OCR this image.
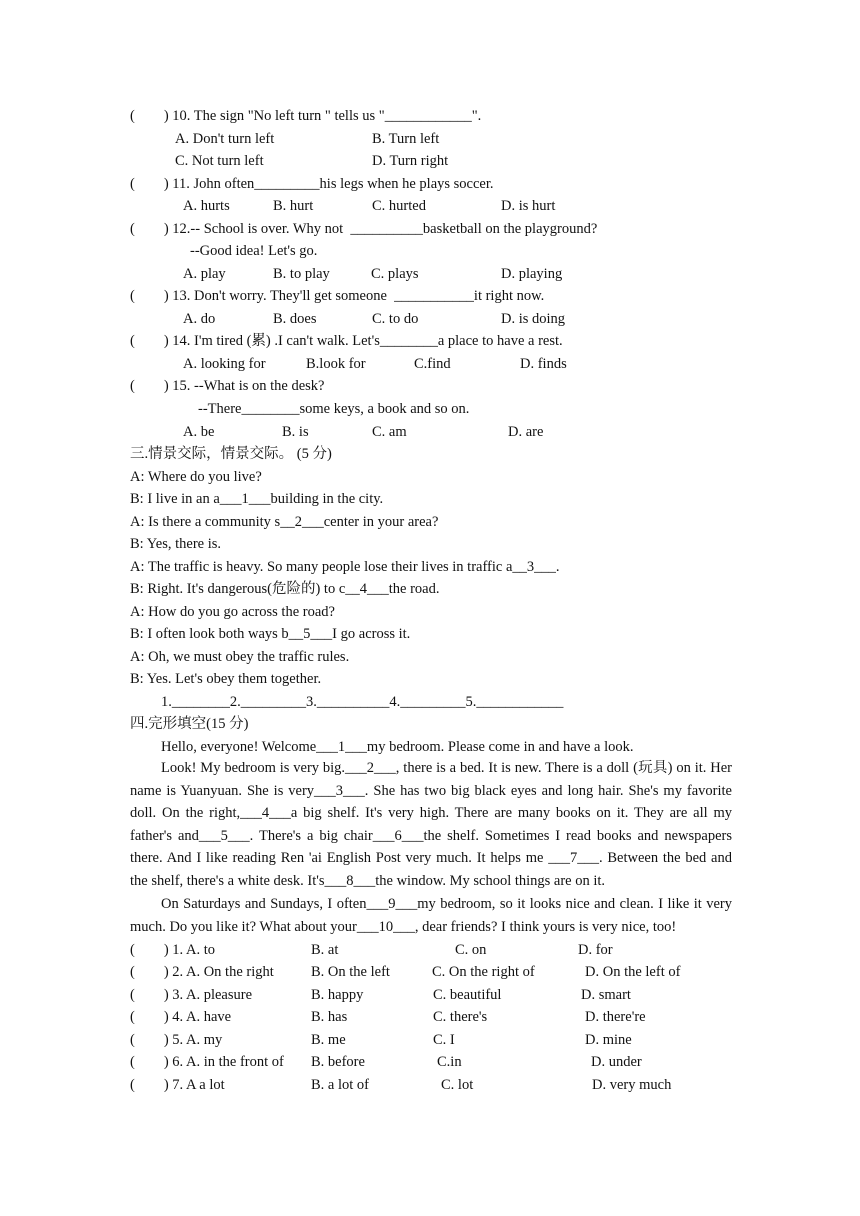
(        ) 10. The sign "No left turn " tells us "____________".
A. Don't turn left	B. Turn left
C. Not turn left	D. Turn right
(        ) 11. John often_________his legs when he plays soccer.
A. hurts	B. hurt	C. hurted	D. is hurt
(        ) 12.-- School is over. Why not  __________basketball on the playground?
--Good idea! Let's go.
A. play	B. to play	C. plays	D. playing
(        ) 13. Don't worry. They'll get someone  ___________it right now.
A. do	B. does	C. to do	D. is doing
(        ) 14. I'm tired (累) .I can't walk. Let's________a place to have a rest.
A. looking for	B.look for	C.find	D. finds
(        ) 15. --What is on the desk?
--There________some keys, a book and so on.
A. be	B. is	C. am	D. are
三.情景交际，情景交际。 (5 分)
A: Where do you live?
B: I live in an a___1___building in the city.
A: Is there a community s__2___center in your area?
B: Yes, there is.
A: The traffic is heavy. So many people lose their lives in traffic a__3___.
B: Right. It's dangerous(危险的) to c__4___the road.
A: How do you go across the road?
B: I often look both ways b__5___I go across it.
A: Oh, we must obey the traffic rules.
B: Yes. Let's obey them together.
1.________2._________3.__________4._________5.____________
四.完形填空(15 分)
Hello, everyone! Welcome___1___my bedroom. Please come in and have a look.
Look! My bedroom is very big.___2___, there is a bed. It is new. There is a doll (玩具) on it. Her name is Yuanyuan. She is very___3___. She has two big black eyes and long hair. She's my favorite doll. On the right,___4___a big shelf. It's very high. There are many books on it. They are all my father's and___5___. There's a big chair___6___the shelf. Sometimes I read books and newspapers there. And I like reading Ren 'ai English Post very much. It helps me ___7___. Between the bed and the shelf, there's a white desk. It's___8___the window. My school things are on it.
On Saturdays and Sundays, I often___9___my bedroom, so it looks nice and clean. I like it very much. Do you like it? What about your___10___, dear friends? I think yours is very nice, too!
(        ) 1. A. to	B. at	C. on	D. for
(        ) 2. A. On the right	B. On the left	C. On the right of	D. On the left of
(        ) 3. A. pleasure	B. happy	C. beautiful	D. smart
(        ) 4. A. have	B. has	C. there's	D. there're
(        ) 5. A. my	B. me	C. I	D. mine
(        ) 6. A. in the front of B. before	C.in	D. under
(        ) 7. A a lot	B. a lot of	C. lot	D. very much
